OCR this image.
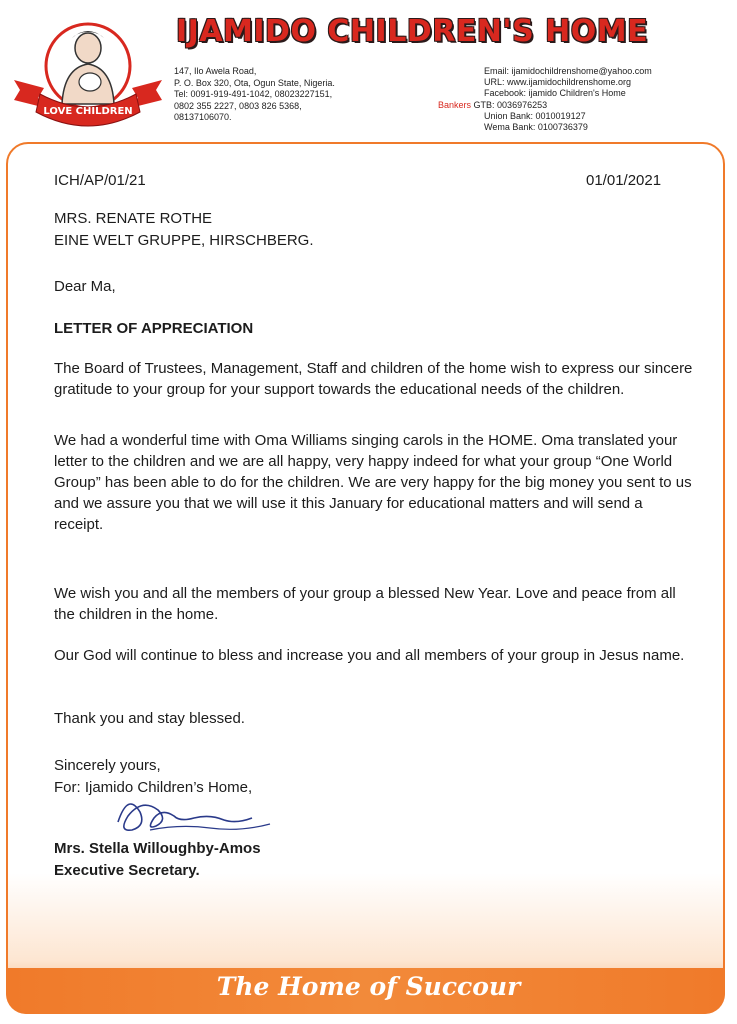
LOVE CHILDREN
IJAMIDO CHILDREN'S HOME
147, Ilo Awela Road,
P. O. Box 320, Ota, Ogun State, Nigeria.
Tel: 0091-919-491-1042, 08023227151,
0802 355 2227, 0803 826 5368,
08137106070.
Email: ijamidochildrenshome@yahoo.com
URL: www.ijamidochildrenshome.org
Facebook: ijamido Children's Home
Bankers GTB: 0036976253
Union Bank: 0010019127
Wema Bank: 0100736379

The Home of Succour

ICH/AP/01/21	01/01/2021
MRS. RENATE ROTHE
EINE WELT GRUPPE, HIRSCHBERG.
Dear Ma,
LETTER OF APPRECIATION

The Board of Trustees, Management, Staff and children of the home wish to express our sincere gratitude to your group for your support towards the educational needs of the children.

We had a wonderful time with Oma Williams singing carols in the HOME. Oma translated your letter to the children and we are all happy, very happy indeed for what your group “One World Group” has been able to do for the children. We are very happy for the big money you sent to us and we assure you that we will use it this January for educational matters and will send a receipt.

We wish you and all the members of your group a blessed New Year. Love and peace from all the children in the home.

Our God will continue to bless and increase you and all members of your group in Jesus name.

Thank you and stay blessed.
Sincerely yours,
For: Ijamido Children’s Home,
Mrs. Stella Willoughby-Amos
Executive Secretary.
